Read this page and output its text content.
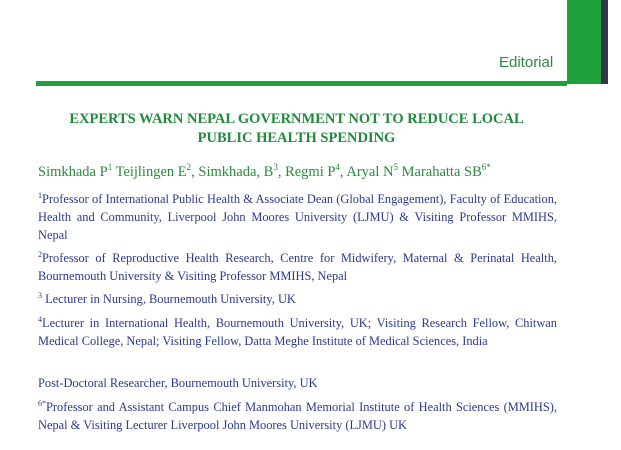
Editorial
EXPERTS WARN NEPAL GOVERNMENT NOT TO REDUCE LOCAL
PUBLIC HEALTH SPENDING
Simkhada $P^1$ Teijlingen $E^2$, Simkhada, $B^3$, Regmi $P^4$, Aryal $N^5$ Marahatta $SB^{6*}$

$^1$Professor of International Public Health & Associate Dean (Global Engagement), Faculty of Education, Health and Community, Liverpool John Moores University (LJMU) & Visiting Professor MMIHS, Nepal

$^2$Professor of Reproductive Health Research, Centre for Midwifery, Maternal & Perinatal Health, Bournemouth University & Visiting Professor MMIHS, Nepal

$^3$ Lecturer in Nursing, Bournemouth University, UK

$^4$Lecturer in International Health, Bournemouth University, UK; Visiting Research Fellow, Chitwan Medical College, Nepal; Visiting Fellow, Datta Meghe Institute of Medical Sciences, India

Post-Doctoral Researcher, Bournemouth University, UK

$^{6*}$Professor and Assistant Campus Chief Manmohan Memorial Institute of Health Sciences (MMIHS), Nepal & Visiting Lecturer Liverpool John Moores University (LJMU) UK
